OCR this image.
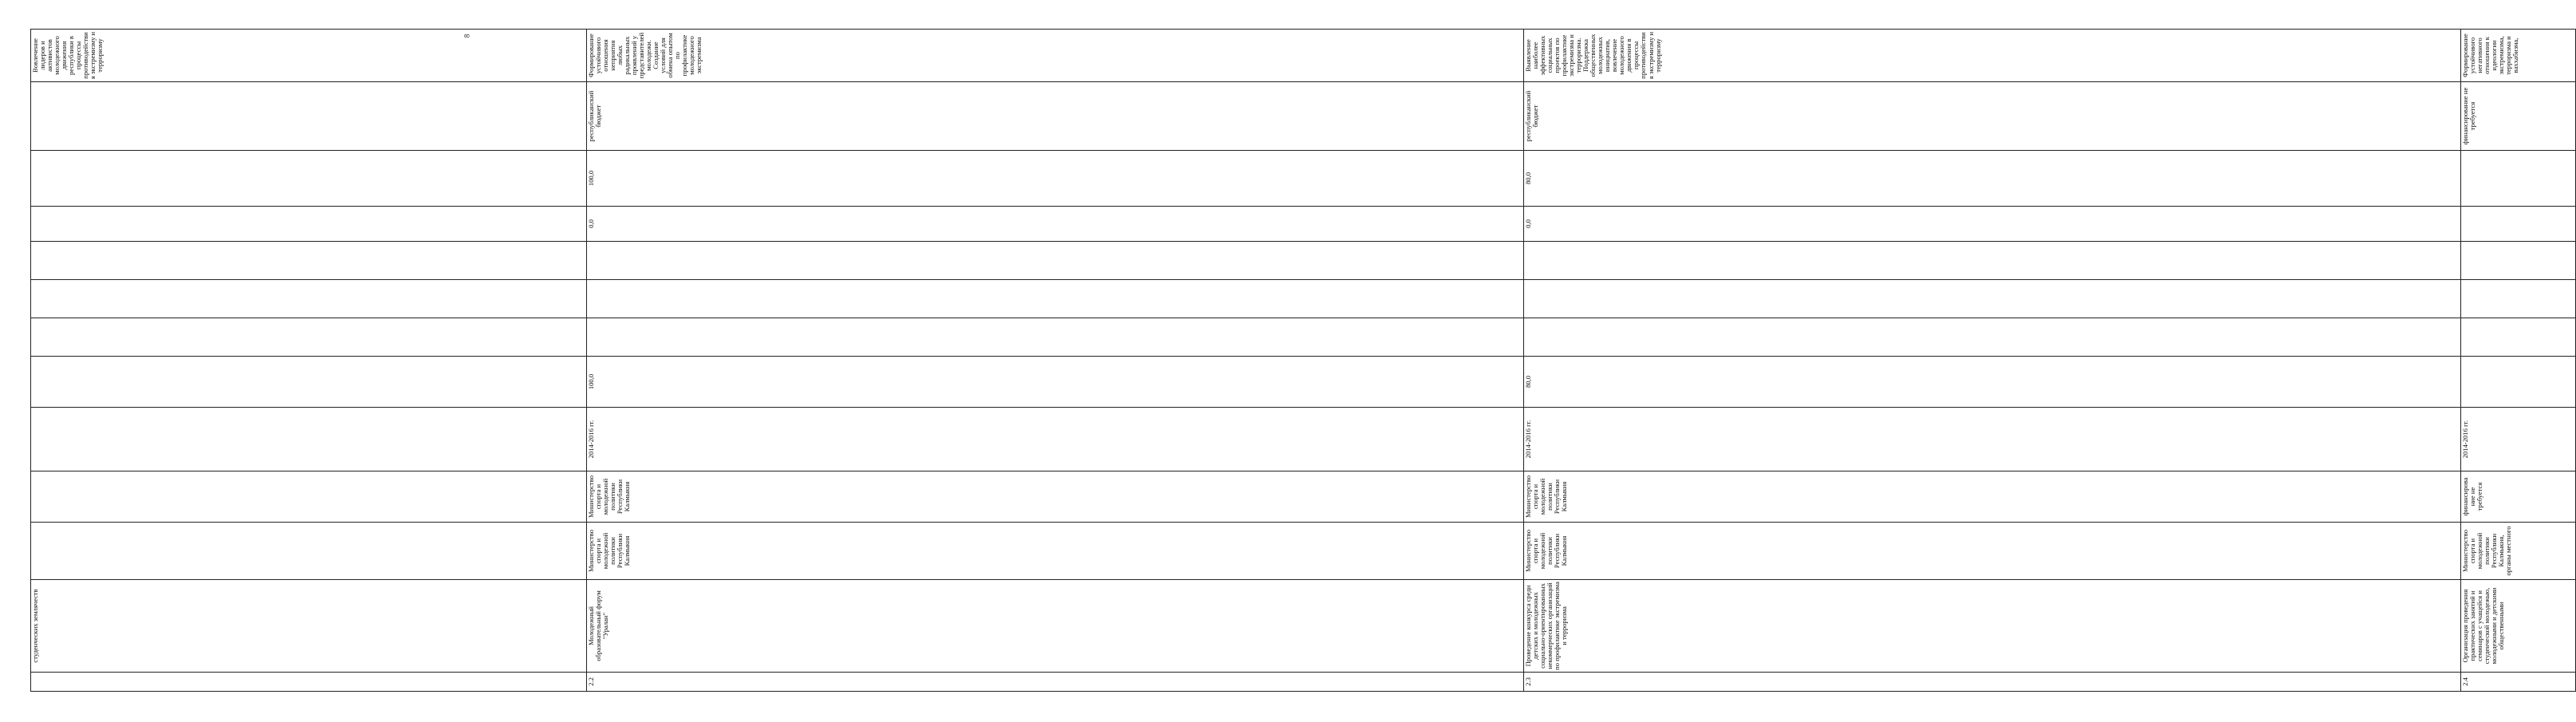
8
	студенческих землячеств											Вовлечение лидеров и активистов молодежного движения республики в процессы противодействия экстремизму и терроризму	
2.2	Молодежный образовательный форум "Уралан"	Министерство спорта и молодежной политики Республики Калмыкия	Министерство спорта и молодежной политики Республики Калмыкия	2014-2016 гг.	100,0				0,0	100,0	республиканский бюджет	Формирование устойчивого отношения неприятия любых радикальных проявлений у представителей молодежи. Создание условий для обмена опытом по профилактике молодежного экстремизма	
2.3	Проведение конкурса среди детских и молодежных социально-ориентированных некоммерческих организаций по профилактике экстремизма и терроризма	Министерство спорта и молодежной политики Республики Калмыкия	Министерство спорта и молодежной политики Республики Калмыкия	2014-2016 гг.	80,0				0,0	80,0	республиканский бюджет	Выявление наиболее эффективных социальных проектов по профилактике экстремизма и терроризма. Поддержка общественных молодежных инициатив, вовлечение молодежного движения в процессы противодействия экстремизму и терроризму	
2.4	Организация проведения практических занятий и семинаров с учащейся и студенческой молодежью, молодежными и детскими общественными	Министерство спорта и молодежной политики Республики Калмыкия, органы местного	финансирова ние не требуется	2014-2016 гг.							финансирование не требуется	Формирование устойчивого негативного отношения к идеологии экстремизма, терроризма и ваххабизма,	
